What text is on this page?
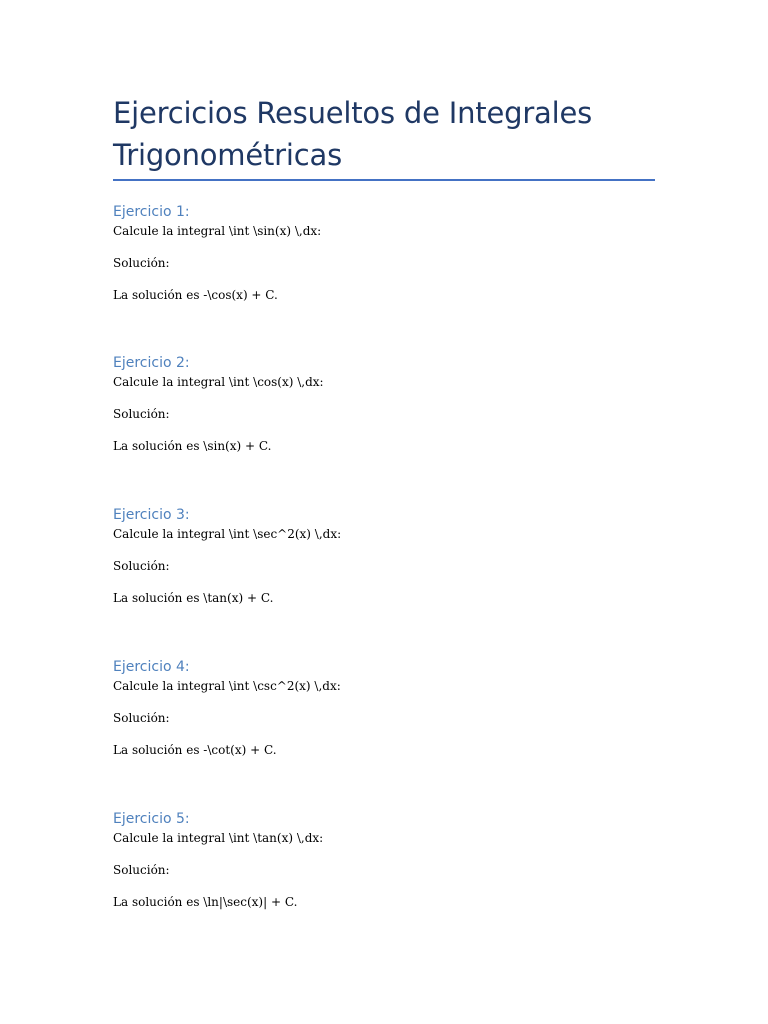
Ejercicios Resueltos de Integrales
Trigonométricas

Ejercicio 1:

Calcule la integral \int \sin(x) \,dx:

Solución:

La solución es -\cos(x) + C.

Ejercicio 2:

Calcule la integral \int \cos(x) \,dx:

Solución:

La solución es \sin(x) + C.

Ejercicio 3:

Calcule la integral \int \sec^2(x) \,dx:

Solución:

La solución es \tan(x) + C.

Ejercicio 4:

Calcule la integral \int \csc^2(x) \,dx:

Solución:

La solución es -\cot(x) + C.

Ejercicio 5:

Calcule la integral \int \tan(x) \,dx:

Solución:

La solución es \ln|\sec(x)| + C.
